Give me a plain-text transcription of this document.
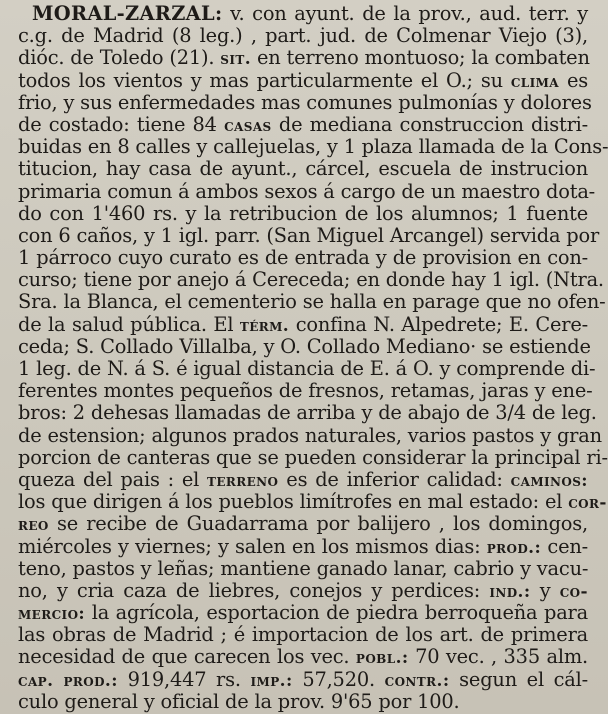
MORAL-ZARZAL: v. con ayunt. de la prov., aud. terr. y
c.g. de Madrid (8 leg.) , part. jud. de Colmenar Viejo (3),
dióc. de Toledo (21). sit. en terreno montuoso; la combaten
todos los vientos y mas particularmente el O.; su clima es
frio, y sus enfermedades mas comunes pulmonías y dolores
de costado: tiene 84 casas de mediana construccion distri-
buidas en 8 calles y callejuelas, y 1 plaza llamada de la Cons-
titucion, hay casa de ayunt., cárcel, escuela de instrucion
primaria comun á ambos sexos á cargo de un maestro dota-
do con 1'460 rs. y la retribucion de los alumnos; 1 fuente
con 6 caños, y 1 igl. parr. (San Miguel Arcangel) servida por
1 párroco cuyo curato es de entrada y de provision en con-
curso; tiene por anejo á Cereceda; en donde hay 1 igl. (Ntra.
Sra. la Blanca, el cementerio se halla en parage que no ofen-
de la salud pública. El térm. confina N. Alpedrete; E. Cere-
ceda; S. Collado Villalba, y O. Collado Mediano· se estiende
1 leg. de N. á S. é igual distancia de E. á O. y comprende di-
ferentes montes pequeños de fresnos, retamas, jaras y ene-
bros: 2 dehesas llamadas de arriba y de abajo de 3/4 de leg.
de estension; algunos prados naturales, varios pastos y gran
porcion de canteras que se pueden considerar la principal ri-
queza del pais : el terreno es de inferior calidad: caminos:
los que dirigen á los pueblos limítrofes en mal estado: el cor-
reo se recibe de Guadarrama por balijero , los domingos,
miércoles y viernes; y salen en los mismos dias: prod.: cen-
teno, pastos y leñas; mantiene ganado lanar, cabrio y vacu-
no, y cria caza de liebres, conejos y perdices: ind.: y co-
mercio: la agrícola, esportacion de piedra berroqueña para
las obras de Madrid ; é importacion de los art. de primera
necesidad de que carecen los vec. pobl.: 70 vec. , 335 alm.
cap. prod.: 919,447 rs. imp.: 57,520. contr.: segun el cál-
culo general y oficial de la prov. 9'65 por 100.
